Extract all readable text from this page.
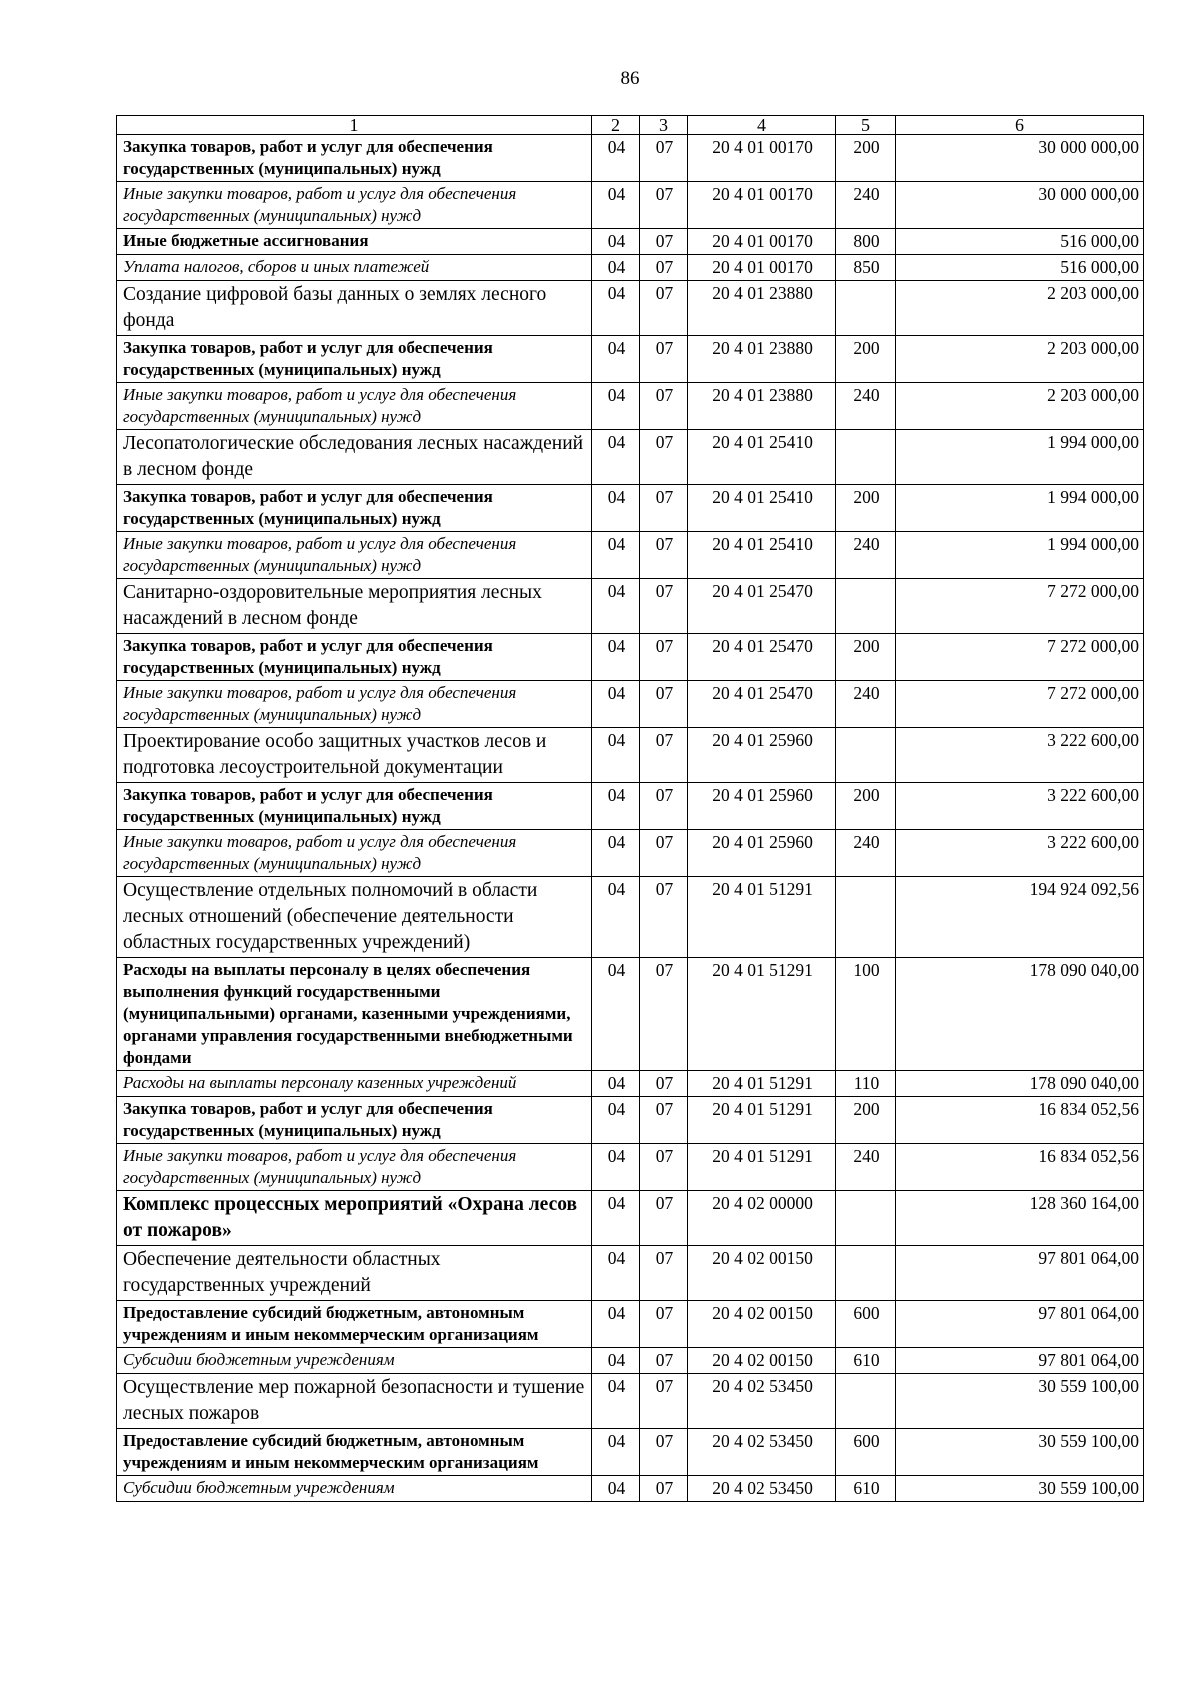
86
1	2	3	4	5	6
Закупка товаров, работ и услуг для обеспечения государственных (муниципальных) нужд	04	07	20 4 01 00170	200	30 000 000,00
Иные закупки товаров, работ и услуг для обеспечения государственных (муниципальных) нужд	04	07	20 4 01 00170	240	30 000 000,00
Иные бюджетные ассигнования	04	07	20 4 01 00170	800	516 000,00
Уплата налогов, сборов и иных платежей	04	07	20 4 01 00170	850	516 000,00
Создание цифровой базы данных о землях лесного фонда	04	07	20 4 01 23880		2 203 000,00
Закупка товаров, работ и услуг для обеспечения государственных (муниципальных) нужд	04	07	20 4 01 23880	200	2 203 000,00
Иные закупки товаров, работ и услуг для обеспечения государственных (муниципальных) нужд	04	07	20 4 01 23880	240	2 203 000,00
Лесопатологические обследования лесных насаждений в лесном фонде	04	07	20 4 01 25410		1 994 000,00
Закупка товаров, работ и услуг для обеспечения государственных (муниципальных) нужд	04	07	20 4 01 25410	200	1 994 000,00
Иные закупки товаров, работ и услуг для обеспечения государственных (муниципальных) нужд	04	07	20 4 01 25410	240	1 994 000,00
Санитарно-оздоровительные мероприятия лесных насаждений в лесном фонде	04	07	20 4 01 25470		7 272 000,00
Закупка товаров, работ и услуг для обеспечения государственных (муниципальных) нужд	04	07	20 4 01 25470	200	7 272 000,00
Иные закупки товаров, работ и услуг для обеспечения государственных (муниципальных) нужд	04	07	20 4 01 25470	240	7 272 000,00
Проектирование особо защитных участков лесов и подготовка лесоустроительной документации	04	07	20 4 01 25960		3 222 600,00
Закупка товаров, работ и услуг для обеспечения государственных (муниципальных) нужд	04	07	20 4 01 25960	200	3 222 600,00
Иные закупки товаров, работ и услуг для обеспечения государственных (муниципальных) нужд	04	07	20 4 01 25960	240	3 222 600,00
Осуществление отдельных полномочий в области лесных отношений (обеспечение деятельности областных государственных учреждений)	04	07	20 4 01 51291		194 924 092,56
Расходы на выплаты персоналу в целях обеспечения выполнения функций государственными (муниципальными) органами, казенными учреждениями, органами управления государственными внебюджетными фондами	04	07	20 4 01 51291	100	178 090 040,00
Расходы на выплаты персоналу казенных учреждений	04	07	20 4 01 51291	110	178 090 040,00
Закупка товаров, работ и услуг для обеспечения государственных (муниципальных) нужд	04	07	20 4 01 51291	200	16 834 052,56
Иные закупки товаров, работ и услуг для обеспечения государственных (муниципальных) нужд	04	07	20 4 01 51291	240	16 834 052,56
Комплекс процессных мероприятий «Охрана лесов от пожаров»	04	07	20 4 02 00000		128 360 164,00
Обеспечение деятельности областных государственных учреждений	04	07	20 4 02 00150		97 801 064,00
Предоставление субсидий бюджетным, автономным учреждениям и иным некоммерческим организациям	04	07	20 4 02 00150	600	97 801 064,00
Субсидии бюджетным учреждениям	04	07	20 4 02 00150	610	97 801 064,00
Осуществление мер пожарной безопасности и тушение лесных пожаров	04	07	20 4 02 53450		30 559 100,00
Предоставление субсидий бюджетным, автономным учреждениям и иным некоммерческим организациям	04	07	20 4 02 53450	600	30 559 100,00
Субсидии бюджетным учреждениям	04	07	20 4 02 53450	610	30 559 100,00
